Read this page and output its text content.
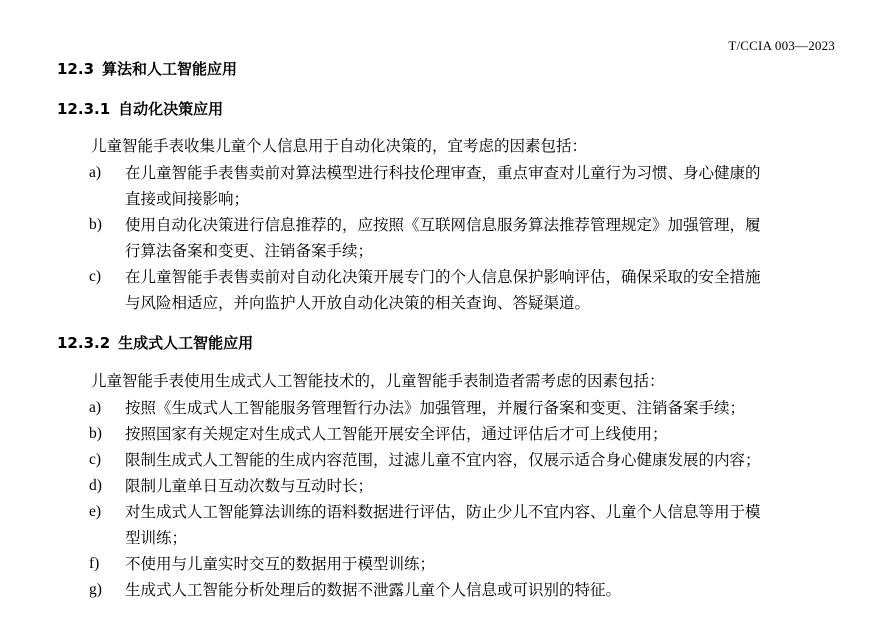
T/CCIA 003—2023
12.3 算法和人工智能应用
12.3.1 自动化决策应用
儿童智能手表收集儿童个人信息用于自动化决策的，宜考虑的因素包括：
a)	在儿童智能手表售卖前对算法模型进行科技伦理审查，重点审查对儿童行为习惯、身心健康的
直接或间接影响；
b)	使用自动化决策进行信息推荐的，应按照《互联网信息服务算法推荐管理规定》加强管理，履
行算法备案和变更、注销备案手续；
c)	在儿童智能手表售卖前对自动化决策开展专门的个人信息保护影响评估，确保采取的安全措施
与风险相适应，并向监护人开放自动化决策的相关查询、答疑渠道。
12.3.2 生成式人工智能应用
儿童智能手表使用生成式人工智能技术的，儿童智能手表制造者需考虑的因素包括：
a)	按照《生成式人工智能服务管理暂行办法》加强管理，并履行备案和变更、注销备案手续；
b)	按照国家有关规定对生成式人工智能开展安全评估，通过评估后才可上线使用；
c)	限制生成式人工智能的生成内容范围，过滤儿童不宜内容，仅展示适合身心健康发展的内容；
d)	限制儿童单日互动次数与互动时长；
e)	对生成式人工智能算法训练的语料数据进行评估，防止少儿不宜内容、儿童个人信息等用于模
型训练；
f)	不使用与儿童实时交互的数据用于模型训练；
g)	生成式人工智能分析处理后的数据不泄露儿童个人信息或可识别的特征。
